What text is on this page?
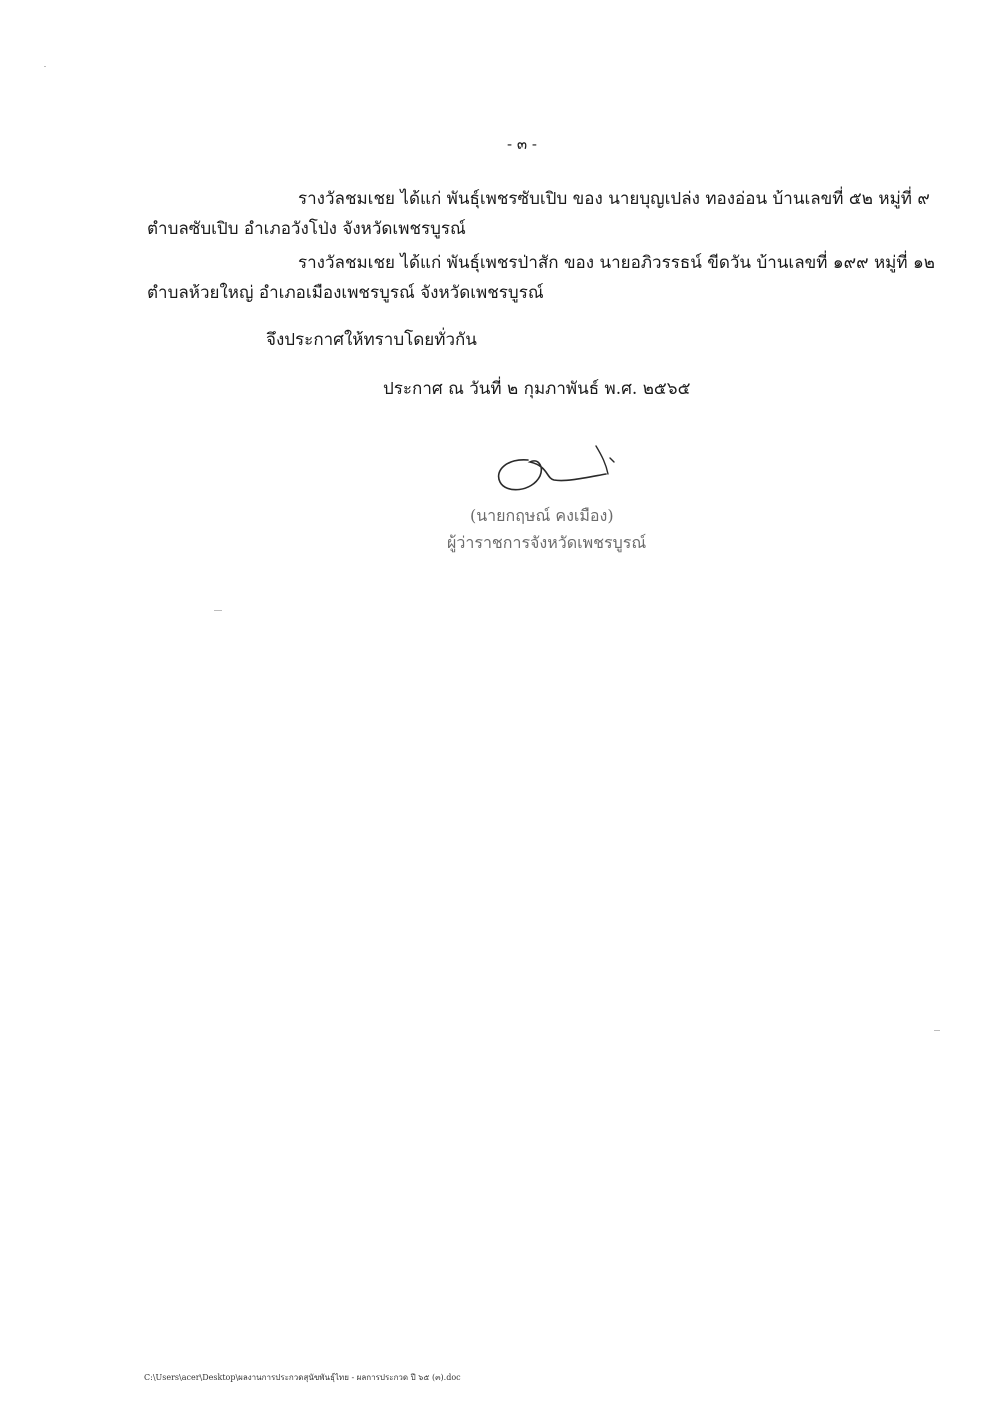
- ๓ -
รางวัลชมเชย ได้แก่ พันธุ์เพชรซับเปิบ ของ นายบุญเปล่ง ทองอ่อน บ้านเลขที่ ๕๒ หมู่ที่ ๙
ตำบลซับเปิบ อำเภอวังโป่ง จังหวัดเพชรบูรณ์
รางวัลชมเชย ได้แก่ พันธุ์เพชรป่าสัก ของ นายอภิวรรธน์ ขีดวัน บ้านเลขที่ ๑๙๙ หมู่ที่ ๑๒
ตำบลห้วยใหญ่ อำเภอเมืองเพชรบูรณ์ จังหวัดเพชรบูรณ์
จึงประกาศให้ทราบโดยทั่วกัน
ประกาศ ณ วันที่ ๒ กุมภาพันธ์ พ.ศ. ๒๕๖๕
(นายกฤษณ์ คงเมือง)
ผู้ว่าราชการจังหวัดเพชรบูรณ์
C:\Users\acer\Desktop\ผลงานการประกวดสุนัขพันธุ์ไทย - ผลการประกวด ปี ๖๕ (๓).doc
